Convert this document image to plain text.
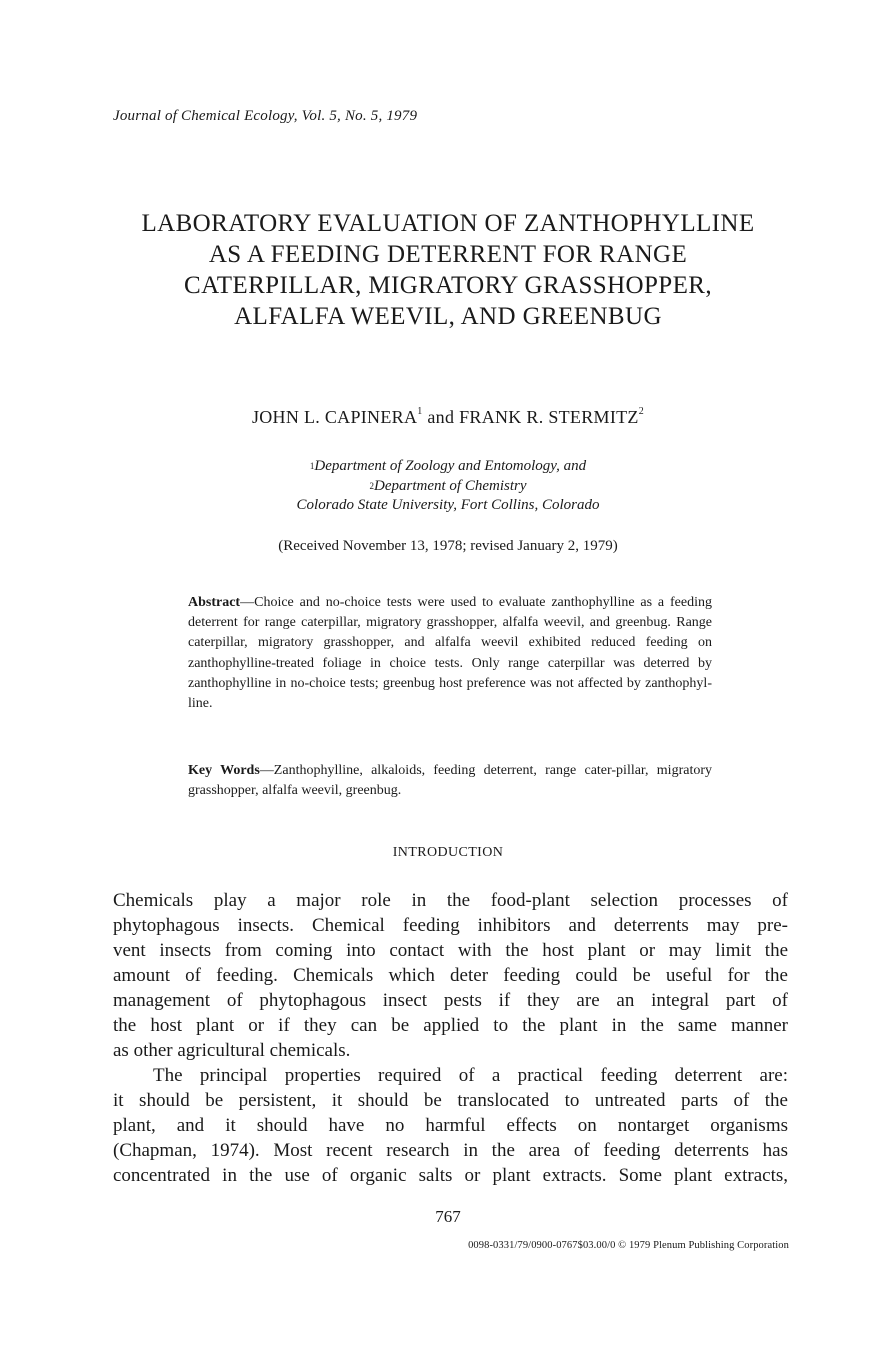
Journal of Chemical Ecology, Vol. 5, No. 5, 1979
LABORATORY EVALUATION OF ZANTHOPHYLLINE
AS A FEEDING DETERRENT FOR RANGE
CATERPILLAR, MIGRATORY GRASSHOPPER,
ALFALFA WEEVIL, AND GREENBUG
JOHN L. CAPINERA$^1$ and FRANK R. STERMITZ$^2$
$^1$Department of Zoology and Entomology, and
$^2$Department of Chemistry
Colorado State University, Fort Collins, Colorado
(Received November 13, 1978; revised January 2, 1979)

Abstract—Choice and no-choice tests were used to evaluate zanthophylline as a feeding deterrent for range caterpillar, migratory grasshopper, alfalfa weevil, and greenbug. Range caterpillar, migratory grasshopper, and alfalfa weevil exhibited reduced feeding on zanthophylline-treated foliage in choice tests. Only range caterpillar was deterred by zanthophylline in no-choice tests; greenbug host preference was not affected by zanthophyl-line.

Key Words—Zanthophylline, alkaloids, feeding deterrent, range cater-pillar, migratory grasshopper, alfalfa weevil, greenbug.
INTRODUCTION
Chemicals play a major role in the food-plant selection processes of
phytophagous insects. Chemical feeding inhibitors and deterrents may pre-
vent insects from coming into contact with the host plant or may limit the
amount of feeding. Chemicals which deter feeding could be useful for the
management of phytophagous insect pests if they are an integral part of
the host plant or if they can be applied to the plant in the same manner
as other agricultural chemicals.
The principal properties required of a practical feeding deterrent are:
it should be persistent, it should be translocated to untreated parts of the
plant, and it should have no harmful effects on nontarget organisms
(Chapman, 1974). Most recent research in the area of feeding deterrents has
concentrated in the use of organic salts or plant extracts. Some plant extracts,
767
0098-0331/79/0900-0767$03.00/0 © 1979 Plenum Publishing Corporation
